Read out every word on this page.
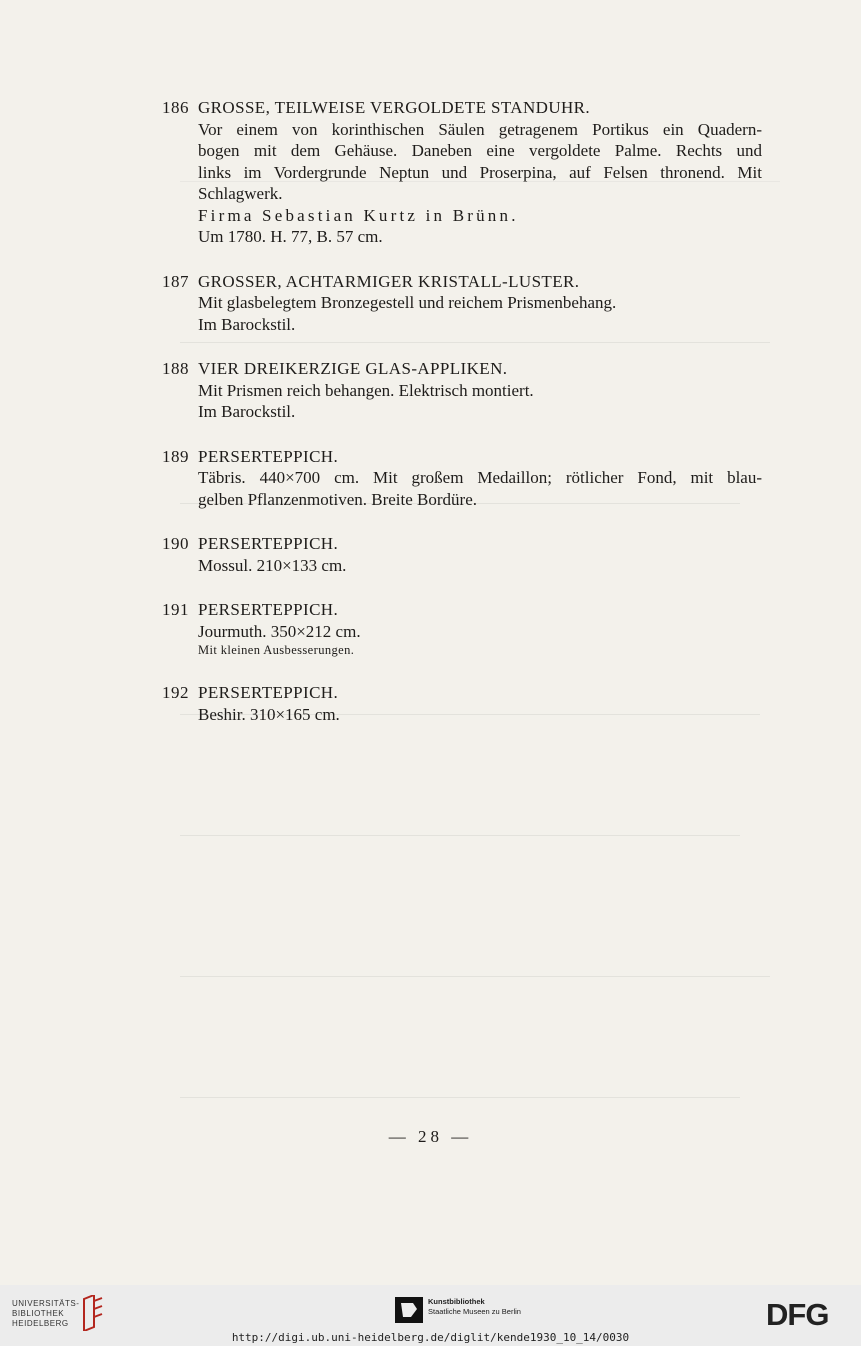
186 GROSSE, TEILWEISE VERGOLDETE STANDUHR.
Vor einem von korinthischen Säulen getragenem Portikus ein Quadern-
bogen mit dem Gehäuse. Daneben eine vergoldete Palme. Rechts und
links im Vordergrunde Neptun und Proserpina, auf Felsen thronend. Mit
Schlagwerk.
Firma Sebastian Kurtz in Brünn.
Um 1780. H. 77, B. 57 cm.
187 GROSSER, ACHTARMIGER KRISTALL-LUSTER.
Mit glasbelegtem Bronzegestell und reichem Prismenbehang.
Im Barockstil.
188 VIER DREIKERZIGE GLAS-APPLIKEN.
Mit Prismen reich behangen. Elektrisch montiert.
Im Barockstil.
189 PERSERTEPPICH.
Täbris. 440×700 cm. Mit großem Medaillon; rötlicher Fond, mit blau-
gelben Pflanzenmotiven. Breite Bordüre.
190 PERSERTEPPICH.
Mossul. 210×133 cm.
191 PERSERTEPPICH.
Jourmuth. 350×212 cm.
Mit kleinen Ausbesserungen.
192 PERSERTEPPICH.
Beshir. 310×165 cm.
— 28 —
UNIVERSITÄTS-
BIBLIOTHEK
HEIDELBERG
Kunstbibliothek
Staatliche Museen zu Berlin	DFG
http://digi.ub.uni-heidelberg.de/diglit/kende1930_10_14/0030
